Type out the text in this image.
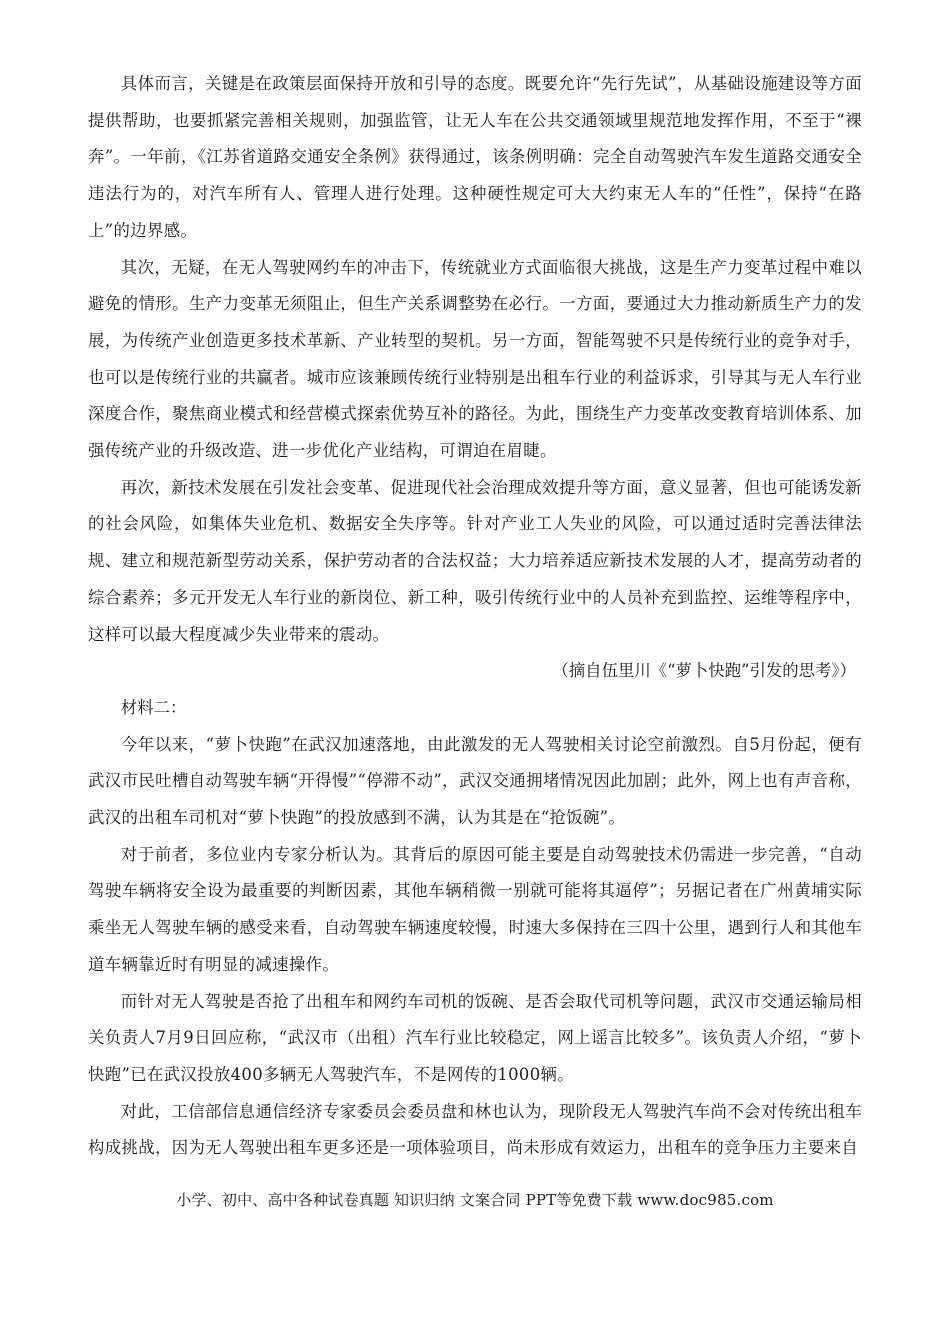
具体而言，关键是在政策层面保持开放和引导的态度。既要允许“先行先试”，从基础设施建设等方面提供帮助，也要抓紧完善相关规则，加强监管，让无人车在公共交通领域里规范地发挥作用，不至于“裸奔”。一年前，《江苏省道路交通安全条例》获得通过，该条例明确：完全自动驾驶汽车发生道路交通安全违法行为的，对汽车所有人、管理人进行处理。这种硬性规定可大大约束无人车的“任性”，保持“在路上”的边界感。

其次，无疑，在无人驾驶网约车的冲击下，传统就业方式面临很大挑战，这是生产力变革过程中难以避免的情形。生产力变革无须阻止，但生产关系调整势在必行。一方面，要通过大力推动新质生产力的发展，为传统产业创造更多技术革新、产业转型的契机。另一方面，智能驾驶不只是传统行业的竞争对手，也可以是传统行业的共赢者。城市应该兼顾传统行业特别是出租车行业的利益诉求，引导其与无人车行业深度合作，聚焦商业模式和经营模式探索优势互补的路径。为此，围绕生产力变革改变教育培训体系、加强传统产业的升级改造、进一步优化产业结构，可谓迫在眉睫。

再次，新技术发展在引发社会变革、促进现代社会治理成效提升等方面，意义显著，但也可能诱发新的社会风险，如集体失业危机、数据安全失序等。针对产业工人失业的风险，可以通过适时完善法律法规、建立和规范新型劳动关系，保护劳动者的合法权益；大力培养适应新技术发展的人才，提高劳动者的综合素养；多元开发无人车行业的新岗位、新工种，吸引传统行业中的人员补充到监控、运维等程序中，这样可以最大程度减少失业带来的震动。

（摘自伍里川《“萝卜快跑”引发的思考》）

材料二：

今年以来，“萝卜快跑”在武汉加速落地，由此激发的无人驾驶相关讨论空前激烈。自5月份起，便有武汉市民吐槽自动驾驶车辆“开得慢”“停滞不动”，武汉交通拥堵情况因此加剧；此外，网上也有声音称，武汉的出租车司机对“萝卜快跑”的投放感到不满，认为其是在“抢饭碗”。

对于前者，多位业内专家分析认为。其背后的原因可能主要是自动驾驶技术仍需进一步完善，“自动驾驶车辆将安全设为最重要的判断因素，其他车辆稍微一别就可能将其逼停”；另据记者在广州黄埔实际乘坐无人驾驶车辆的感受来看，自动驾驶车辆速度较慢，时速大多保持在三四十公里，遇到行人和其他车道车辆靠近时有明显的减速操作。

而针对无人驾驶是否抢了出租车和网约车司机的饭碗、是否会取代司机等问题，武汉市交通运输局相关负责人7月9日回应称，“武汉市（出租）汽车行业比较稳定，网上谣言比较多”。该负责人介绍，“萝卜快跑”已在武汉投放400多辆无人驾驶汽车，不是网传的1000辆。

对此，工信部信息通信经济专家委员会委员盘和林也认为，现阶段无人驾驶汽车尚不会对传统出租车构成挑战，因为无人驾驶出租车更多还是一项体验项目，尚未形成有效运力，出租车的竞争压力主要来自

小学、初中、高中各种试卷真题 知识归纳 文案合同 PPT等免费下载 www.doc985.com
